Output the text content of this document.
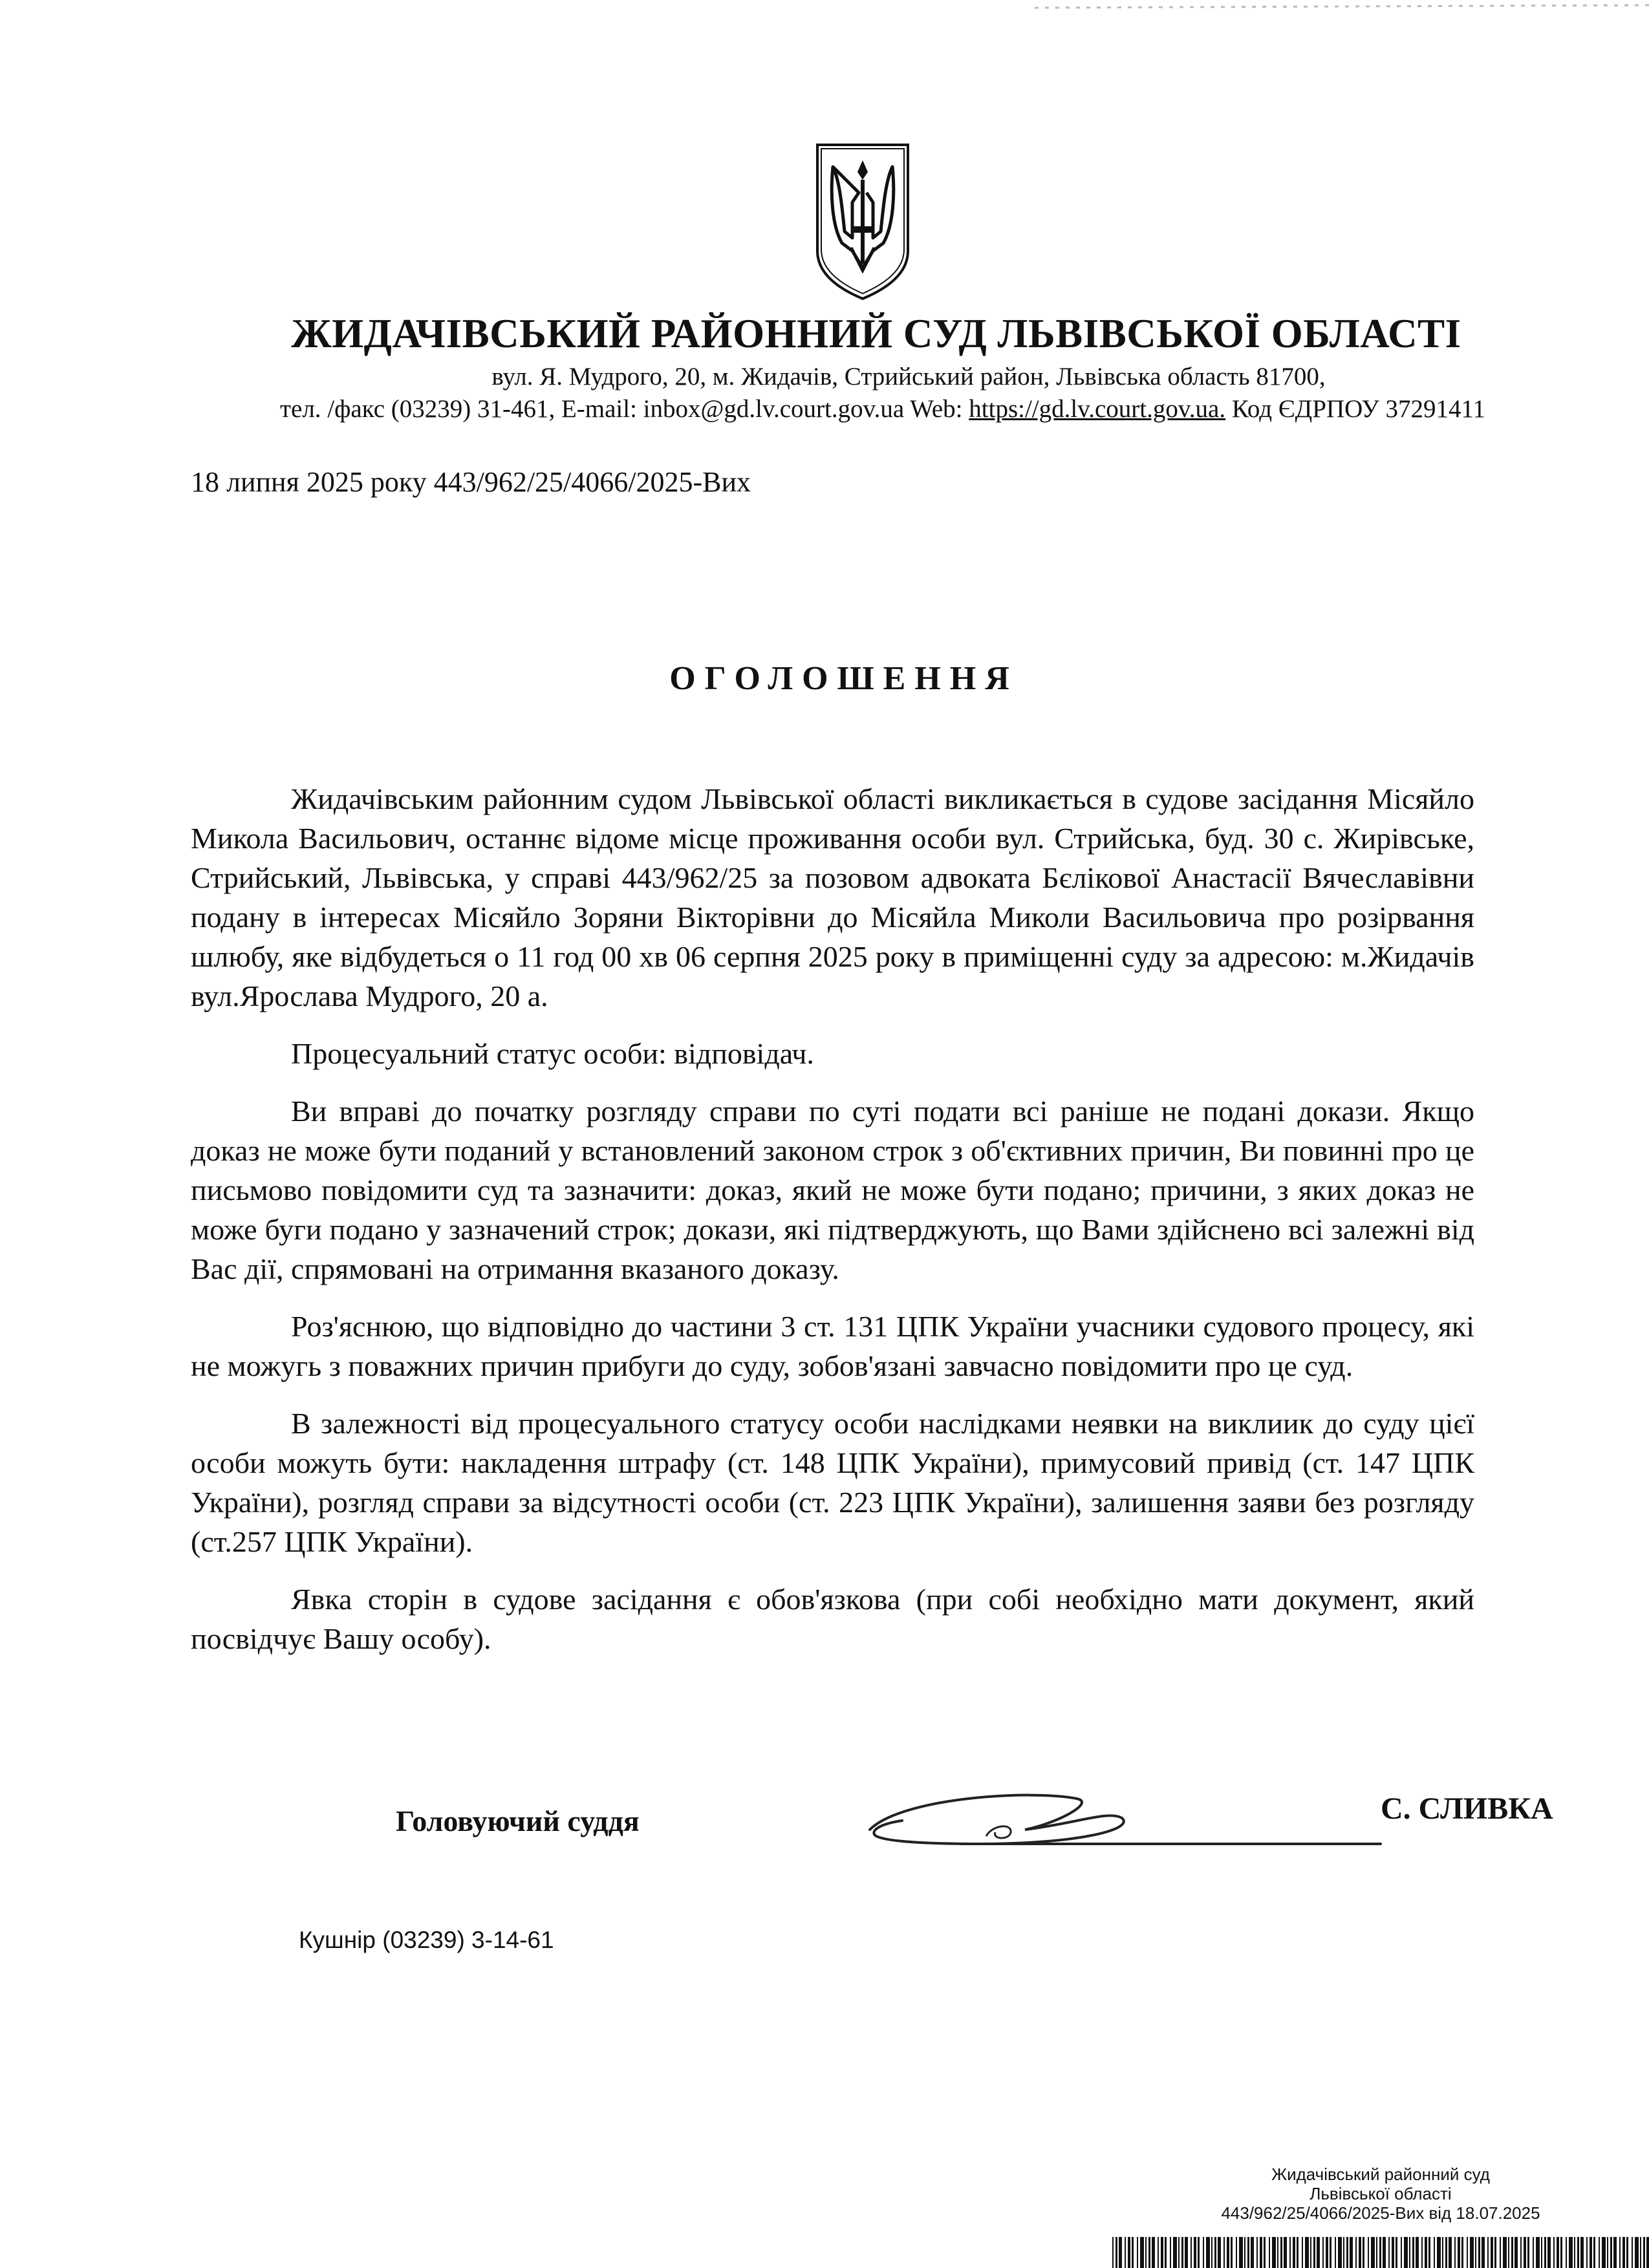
ЖИДАЧІВСЬКИЙ РАЙОННИЙ СУД ЛЬВІВСЬКОЇ ОБЛАСТІ
вул. Я. Мудрого, 20, м. Жидачів, Стрийський район, Львівська область 81700,
тел. /факс (03239) 31-461, E-mail: inbox@gd.lv.court.gov.ua Web: https://gd.lv.court.gov.ua. Код ЄДРПОУ 37291411
18 липня 2025 року 443/962/25/4066/2025-Вих
ОГОЛОШЕННЯ

Жидачівським районним судом Львівської області викликається в судове засідання Місяйло Микола Васильович, останнє відоме місце проживання особи вул. Стрийська, буд. 30 с. Жирівське, Стрийський, Львівська, у справі 443/962/25 за позовом адвоката Бєлікової Анастасії Вячеславівни подану в інтересах Місяйло Зоряни Вікторівни до Місяйла Миколи Васильовича про розірвання шлюбу, яке відбудеться о 11 год 00 хв 06 серпня 2025 року в приміщенні суду за адресою: м.Жидачів вул.Ярослава Мудрого, 20 а.

Процесуальний статус особи: відповідач.

Ви вправі до початку розгляду справи по суті подати всі раніше не подані докази. Якщо доказ не може бути поданий у встановлений законом строк з об'єктивних причин, Ви повинні про це письмово повідомити суд та зазначити: доказ, який не може бути подано; причини, з яких доказ не може буги подано у зазначений строк; докази, які підтверджують, що Вами здійснено всі залежні від Вас дії, спрямовані на отримання вказаного доказу.

Роз'яснюю, що відповідно до частини 3 ст. 131 ЦПК України учасники судового процесу, які не можугь з поважних причин прибуги до суду, зобов'язані завчасно повідомити про це суд.

В залежності від процесуального статусу особи наслідками неявки на виклиик до суду цієї особи можуть бути: накладення штрафу (ст. 148 ЦПК України), примусовий привід (ст. 147 ЦПК України), розгляд справи за відсутності особи (ст. 223 ЦПК України), залишення заяви без розгляду (ст.257 ЦПК України).

Явка сторін в судове засідання є обов'язкова (при собі необхідно мати документ, який посвідчує Вашу особу).

Головуючий суддя	С. СЛИВКА
Кушнір (03239) 3-14-61
Жидачівський районний суд
Львівської області
443/962/25/4066/2025-Вих від 18.07.2025
